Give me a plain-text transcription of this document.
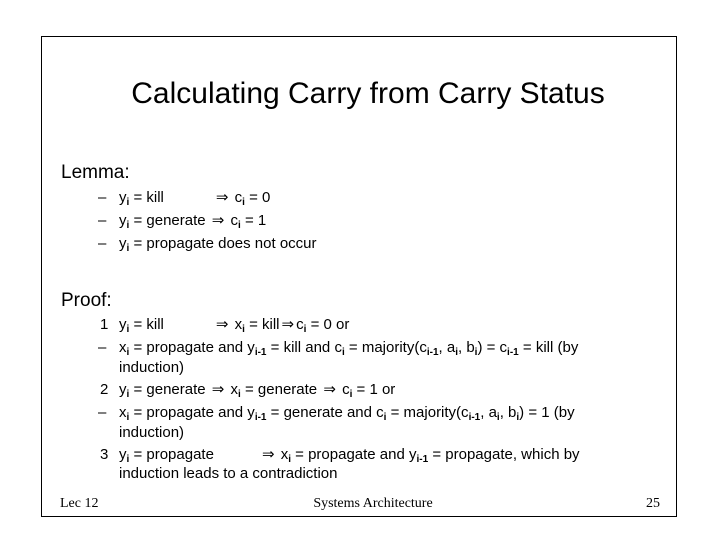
Calculating Carry from Carry Status
Lemma:
– $y_i$ = kill	⇒ $c_i = 0$
– $y_i$ = generate ⇒ $c_i = 1$
– $y_i$ = propagate does not occur
Proof:
1 $y_i$ = kill	⇒ $x_i$ = kill ⇒ $c_i = 0$ or
– $x_i$ = propagate and $y_{i-1}$ = kill and $c_i$ = $majority(c_{i-1}$, $a_i$, $b_i) = c_{i-1}$ = kill (by
induction)
2 $y_i$ = generate ⇒ $x_i$ = generate ⇒ $c_i = 1$ or
– $x_i$ = propagate and $y_{i-1}$ = generate and $c_i$ = $majority(c_{i-1}$, $a_i$, $b_i) = 1$ (by
induction)
3 $y_i$ = propagate	⇒ $x_i$ = propagate and $y_{i-1}$ = propagate, which by
induction leads to a contradiction
Lec 12	Systems Architecture	25
